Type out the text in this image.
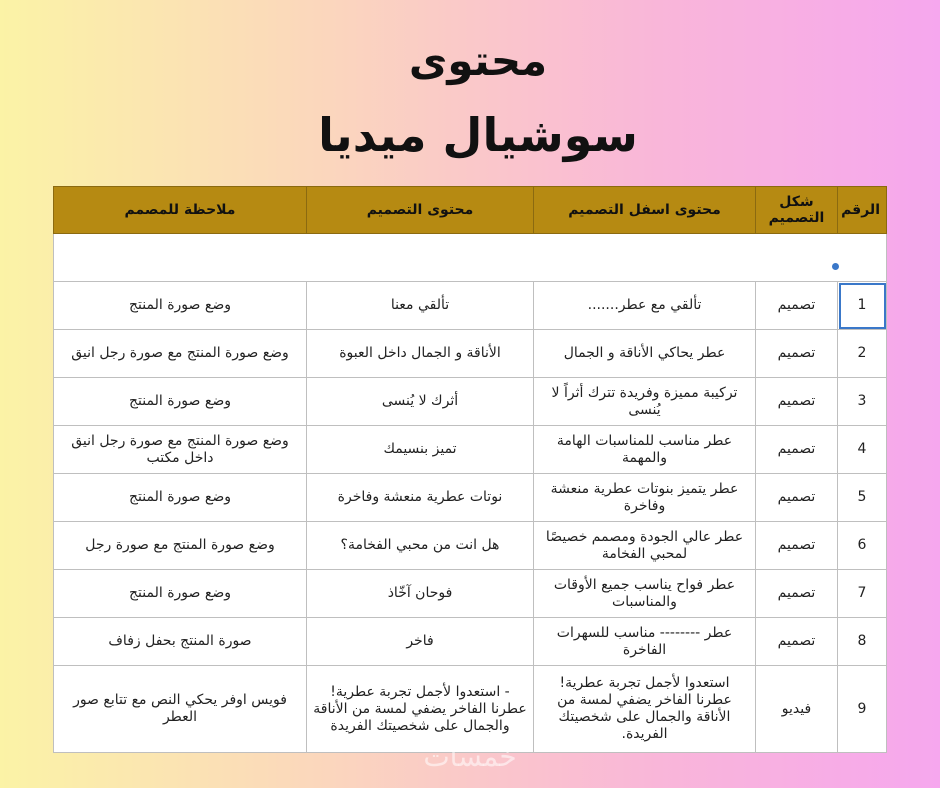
محتوى
سوشيال ميديا
الرقم	شكل التصميم	محتوى اسفل التصميم	محتوى التصميم	ملاحظة للمصمم

1	تصميم	تألقي مع عطر.......	تألقي معنا	وضع صورة المنتج
2	تصميم	عطر يحاكي الأناقة و الجمال	الأناقة و الجمال داخل العبوة	وضع صورة المنتج مع صورة رجل انيق
3	تصميم	تركيبة مميزة وفريدة تترك أثراً لا يُنسى	أثرك لا يُنسى	وضع صورة المنتج
4	تصميم	عطر مناسب للمناسبات الهامة والمهمة	تميز بنسيمك	وضع صورة المنتج مع صورة رجل انيق داخل مكتب
5	تصميم	عطر يتميز بنوتات عطرية منعشة وفاخرة	نوتات عطرية منعشة وفاخرة	وضع صورة المنتج
6	تصميم	عطر عالي الجودة ومصمم خصيصًا لمحبي الفخامة	هل انت من محبي الفخامة؟	وضع صورة المنتج مع صورة رجل
7	تصميم	عطر فواح يناسب جميع الأوقات والمناسبات	فوحان آخّاذ	وضع صورة المنتج
8	تصميم	عطر -------- مناسب للسهرات الفاخرة	فاخر	صورة المنتج بحفل زفاف
9	فيديو	استعدوا لأجمل تجربة عطرية! عطرنا الفاخر يضفي لمسة من الأناقة والجمال على شخصيتك الفريدة.	- استعدوا لأجمل تجربة عطرية! عطرنا الفاخر يضفي لمسة من الأناقة والجمال على شخصيتك الفريدة	فويس اوفر يحكي النص مع تتابع صور العطر
خمسات
